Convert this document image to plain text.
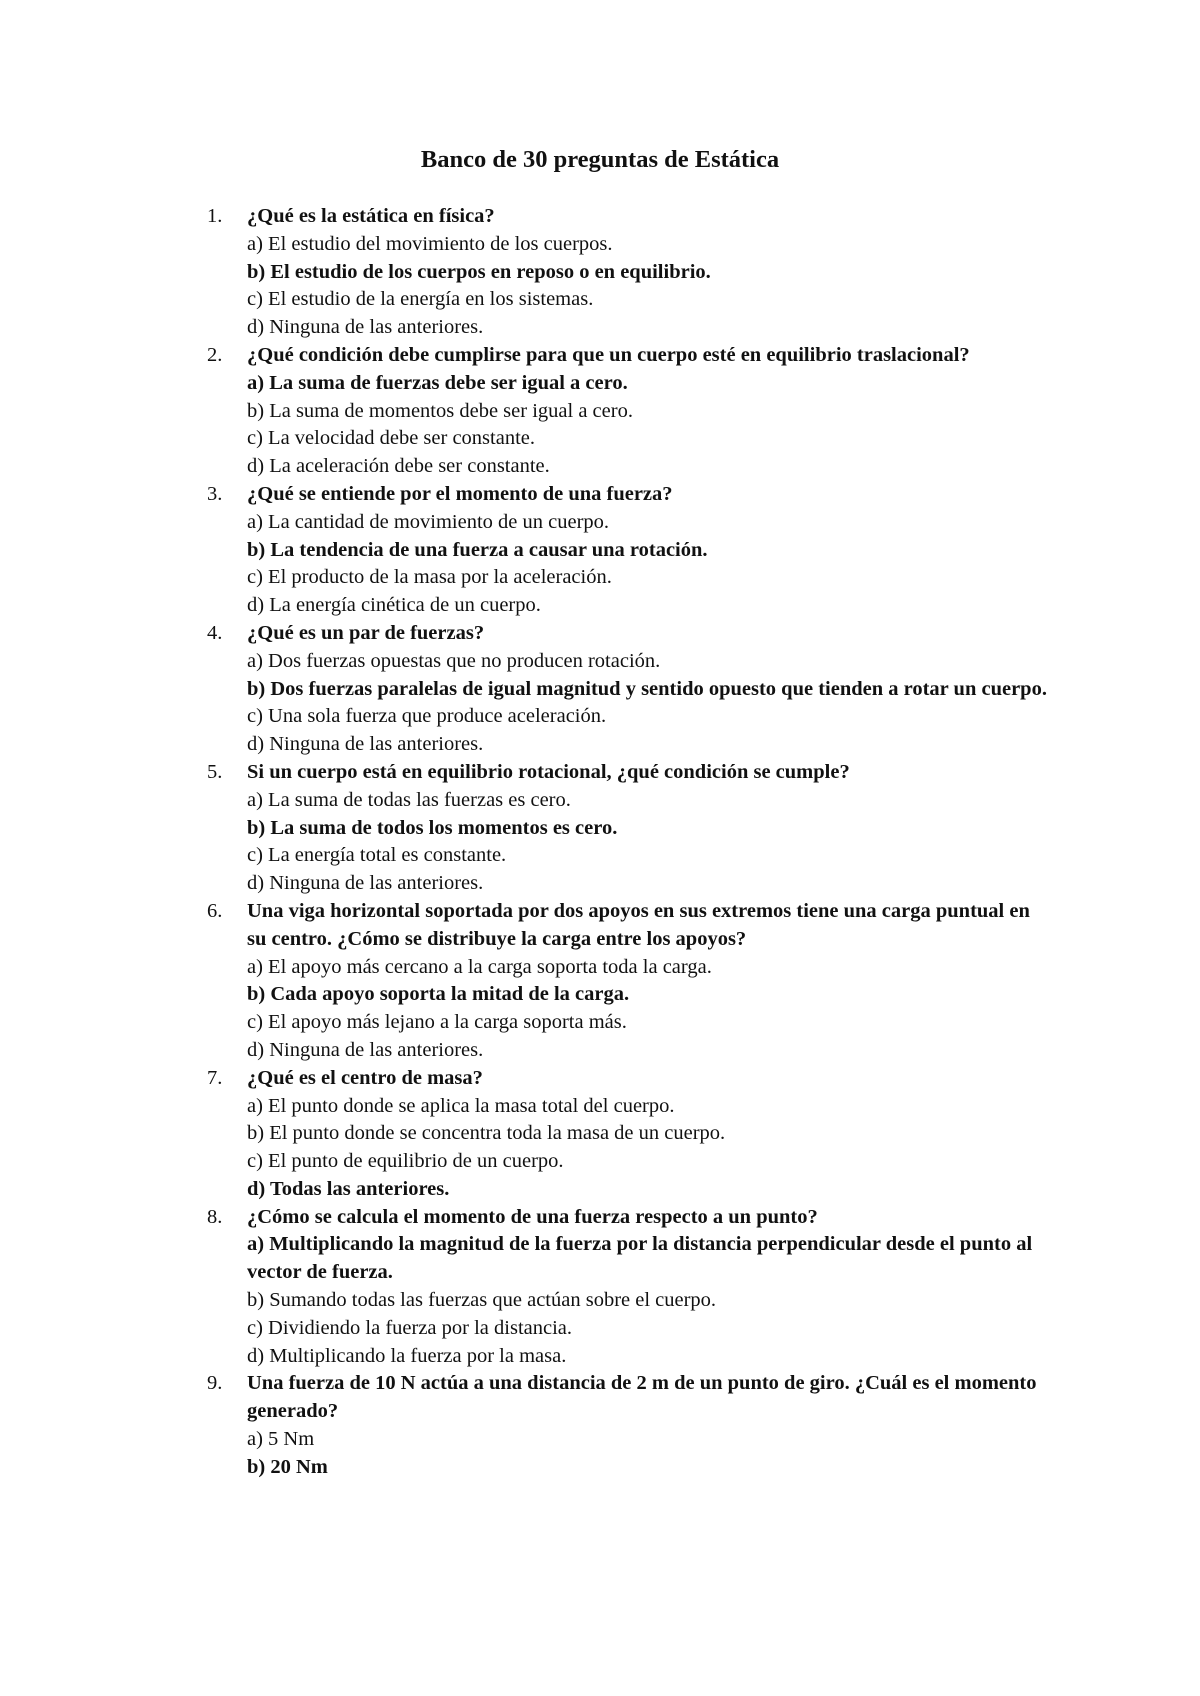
Banco de 30 preguntas de Estática
1. ¿Qué es la estática en física?
a) El estudio del movimiento de los cuerpos.
b) El estudio de los cuerpos en reposo o en equilibrio.
c) El estudio de la energía en los sistemas.
d) Ninguna de las anteriores.
2. ¿Qué condición debe cumplirse para que un cuerpo esté en equilibrio traslacional?
a) La suma de fuerzas debe ser igual a cero.
b) La suma de momentos debe ser igual a cero.
c) La velocidad debe ser constante.
d) La aceleración debe ser constante.
3. ¿Qué se entiende por el momento de una fuerza?
a) La cantidad de movimiento de un cuerpo.
b) La tendencia de una fuerza a causar una rotación.
c) El producto de la masa por la aceleración.
d) La energía cinética de un cuerpo.
4. ¿Qué es un par de fuerzas?
a) Dos fuerzas opuestas que no producen rotación.
b) Dos fuerzas paralelas de igual magnitud y sentido opuesto que tienden a rotar un cuerpo.
c) Una sola fuerza que produce aceleración.
d) Ninguna de las anteriores.
5. Si un cuerpo está en equilibrio rotacional, ¿qué condición se cumple?
a) La suma de todas las fuerzas es cero.
b) La suma de todos los momentos es cero.
c) La energía total es constante.
d) Ninguna de las anteriores.
6. Una viga horizontal soportada por dos apoyos en sus extremos tiene una carga puntual en su centro. ¿Cómo se distribuye la carga entre los apoyos?
a) El apoyo más cercano a la carga soporta toda la carga.
b) Cada apoyo soporta la mitad de la carga.
c) El apoyo más lejano a la carga soporta más.
d) Ninguna de las anteriores.
7. ¿Qué es el centro de masa?
a) El punto donde se aplica la masa total del cuerpo.
b) El punto donde se concentra toda la masa de un cuerpo.
c) El punto de equilibrio de un cuerpo.
d) Todas las anteriores.
8. ¿Cómo se calcula el momento de una fuerza respecto a un punto?
a) Multiplicando la magnitud de la fuerza por la distancia perpendicular desde el punto al vector de fuerza.
b) Sumando todas las fuerzas que actúan sobre el cuerpo.
c) Dividiendo la fuerza por la distancia.
d) Multiplicando la fuerza por la masa.
9. Una fuerza de 10 N actúa a una distancia de 2 m de un punto de giro. ¿Cuál es el momento generado?
a) 5 Nm
b) 20 Nm
